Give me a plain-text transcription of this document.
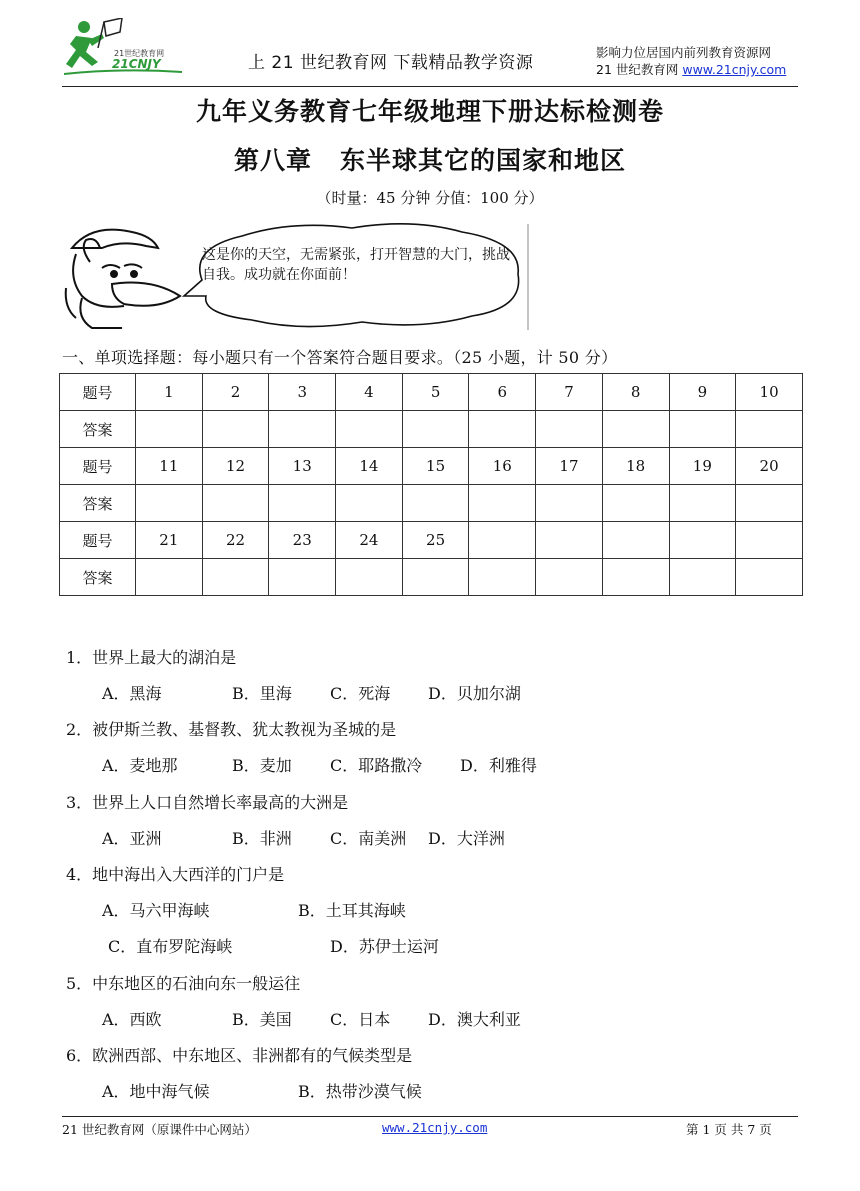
21世纪教育网
21CNJY	上 21 世纪教育网 下载精品教学资源
影响力位居国内前列教育资源网
21 世纪教育网 www.21cnjy.com
九年义务教育七年级地理下册达标检测卷
第八章 东半球其它的国家和地区
（时量：45 分钟 分值：100 分）
这是你的天空，无需紧张，打开智慧的大门，挑战自我。成功就在你面前！
一、单项选择题：每小题只有一个答案符合题目要求。（25 小题，计 50 分）
题号	1	2	3	4	5	6	7	8	9	10
答案										
题号	11	12	13	14	15	16	17	18	19	20
答案										
题号	21	22	23	24	25					
答案										
1．世界上最大的湖泊是
A．黑海	B．里海 C．死海 D．贝加尔湖
2．被伊斯兰教、基督教、犹太教视为圣城的是
A．麦地那	B．麦加 C．耶路撒冷 D．利雅得
3．世界上人口自然增长率最高的大洲是
A．亚洲	B．非洲 C．南美洲 D．大洋洲
4．地中海出入大西洋的门户是
A．马六甲海峡	B．土耳其海峡
C．直布罗陀海峡	D．苏伊士运河
5．中东地区的石油向东一般运往
A．西欧	B．美国 C．日本 D．澳大利亚
6．欧洲西部、中东地区、非洲都有的气候类型是
A．地中海气候	B．热带沙漠气候
21 世纪教育网（原课件中心网站）	www.21cnjy.com	第 1 页 共 7 页
